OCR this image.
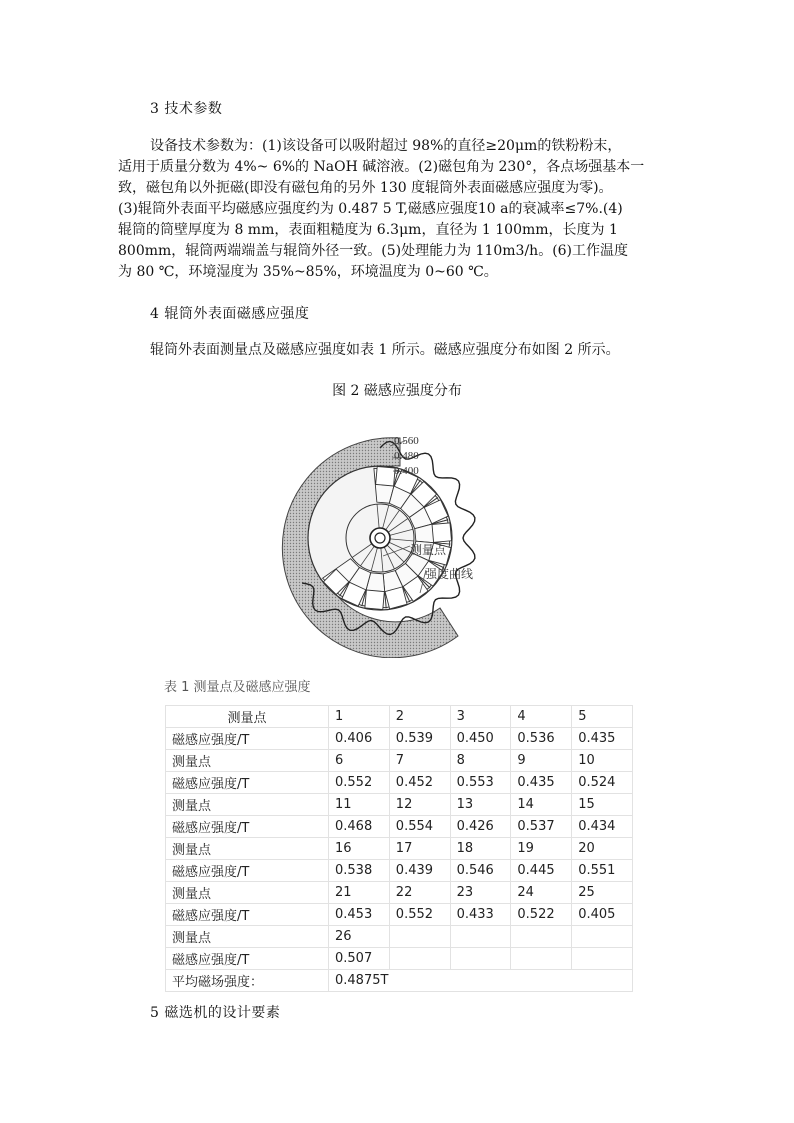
3 技术参数
设备技术参数为：(1)该设备可以吸附超过 98%的直径≥20μm的铁粉粉末，
适用于质量分数为 4%~ 6%的 NaOH 碱溶液。(2)磁包角为 230°，各点场强基本一
致，磁包角以外扼磁(即没有磁包角的另外 130 度辊筒外表面磁感应强度为零)。
(3)辊筒外表面平均磁感应强度约为 0.487 5 T,磁感应强度10 a的衰减率≤7%.(4)
辊筒的筒壁厚度为 8 mm，表面粗糙度为 6.3μm，直径为 1 100mm，长度为 1
800mm，辊筒两端端盖与辊筒外径一致。(5)处理能力为 110m3/h。(6)工作温度
为 80 ℃，环境湿度为 35%~85%，环境温度为 0~60 ℃。
4 辊筒外表面磁感应强度
辊筒外表面测量点及磁感应强度如表 1 所示。磁感应强度分布如图 2 所示。
图 2 磁感应强度分布
0.560
0.480
0.400
测量点
强度曲线
表 1 测量点及磁感应强度
测量点	1	2	3	4	5
磁感应强度/T	0.406	0.539	0.450	0.536	0.435
测量点	6	7	8	9	10
磁感应强度/T	0.552	0.452	0.553	0.435	0.524
测量点	11	12	13	14	15
磁感应强度/T	0.468	0.554	0.426	0.537	0.434
测量点	16	17	18	19	20
磁感应强度/T	0.538	0.439	0.546	0.445	0.551
测量点	21	22	23	24	25
磁感应强度/T	0.453	0.552	0.433	0.522	0.405
测量点	26				
磁感应强度/T	0.507				
平均磁场强度：	0.4875T				
5 磁选机的设计要素
